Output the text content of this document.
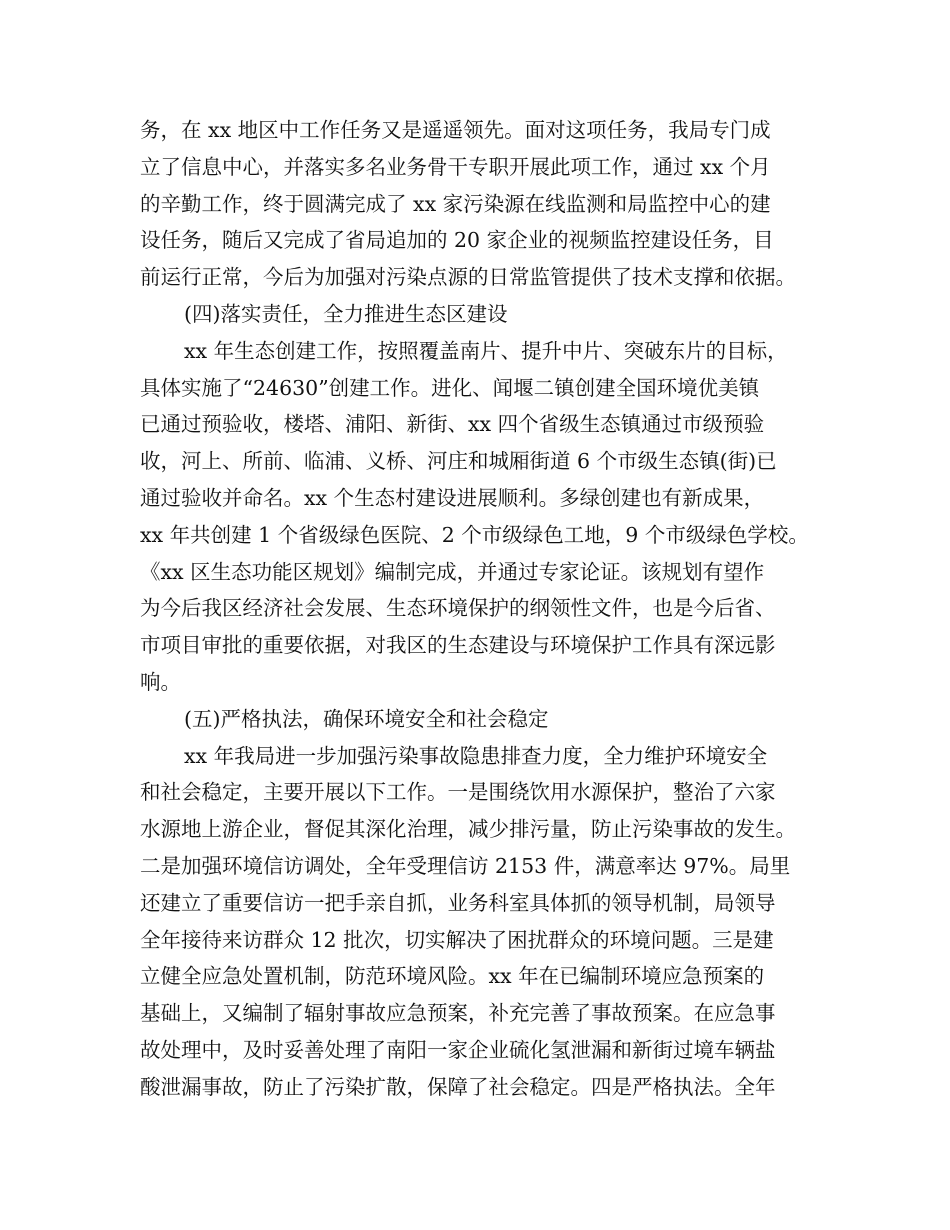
务，在 xx 地区中工作任务又是遥遥领先。面对这项任务，我局专门成
立了信息中心，并落实多名业务骨干专职开展此项工作，通过 xx 个月
的辛勤工作，终于圆满完成了 xx 家污染源在线监测和局监控中心的建
设任务，随后又完成了省局追加的 20 家企业的视频监控建设任务，目
前运行正常，今后为加强对污染点源的日常监管提供了技术支撑和依据。
(四)落实责任，全力推进生态区建设
xx 年生态创建工作，按照覆盖南片、提升中片、突破东片的目标，
具体实施了“24630”创建工作。进化、闻堰二镇创建全国环境优美镇
已通过预验收，楼塔、浦阳、新街、xx 四个省级生态镇通过市级预验
收，河上、所前、临浦、义桥、河庄和城厢街道 6 个市级生态镇(街)已
通过验收并命名。xx 个生态村建设进展顺利。多绿创建也有新成果，
xx 年共创建 1 个省级绿色医院、2 个市级绿色工地，9 个市级绿色学校。
《xx 区生态功能区规划》编制完成，并通过专家论证。该规划有望作
为今后我区经济社会发展、生态环境保护的纲领性文件，也是今后省、
市项目审批的重要依据，对我区的生态建设与环境保护工作具有深远影
响。
(五)严格执法，确保环境安全和社会稳定
xx 年我局进一步加强污染事故隐患排查力度，全力维护环境安全
和社会稳定，主要开展以下工作。一是围绕饮用水源保护，整治了六家
水源地上游企业，督促其深化治理，减少排污量，防止污染事故的发生。
二是加强环境信访调处，全年受理信访 2153 件，满意率达 97%。局里
还建立了重要信访一把手亲自抓，业务科室具体抓的领导机制，局领导
全年接待来访群众 12 批次，切实解决了困扰群众的环境问题。三是建
立健全应急处置机制，防范环境风险。xx 年在已编制环境应急预案的
基础上，又编制了辐射事故应急预案，补充完善了事故预案。在应急事
故处理中，及时妥善处理了南阳一家企业硫化氢泄漏和新街过境车辆盐
酸泄漏事故，防止了污染扩散，保障了社会稳定。四是严格执法。全年
